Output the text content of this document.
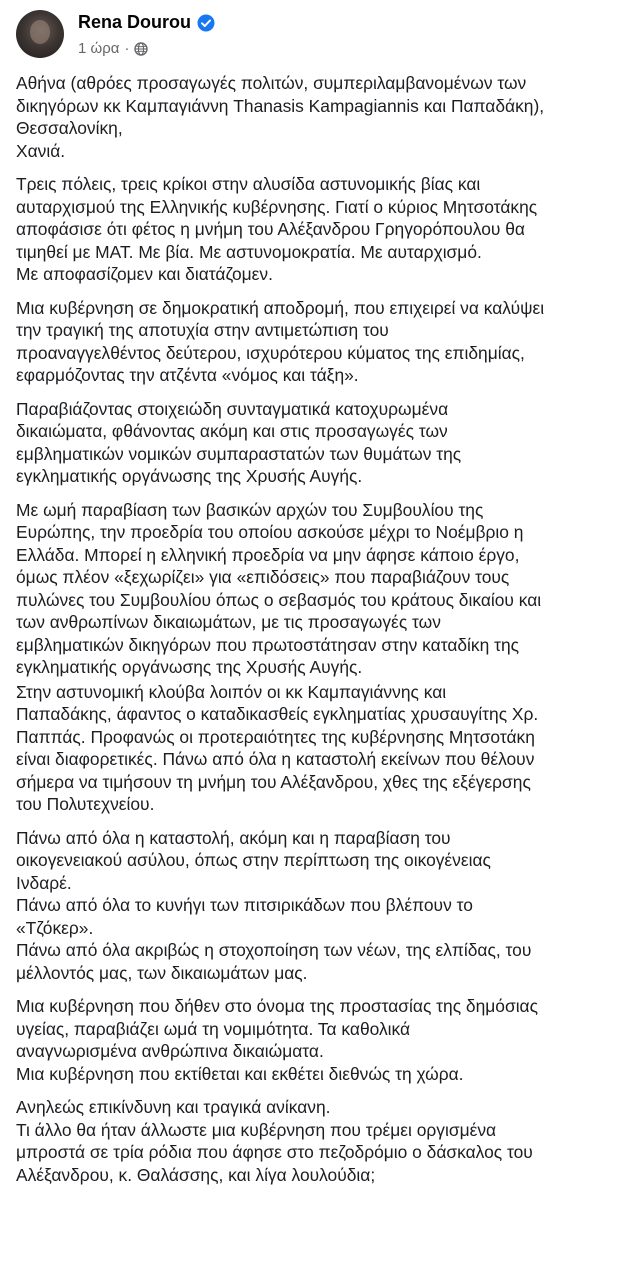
Rena Dourou
1 ώρα ·

Αθήνα (αθρόες προσαγωγές πολιτών, συμπεριλαμβανομένων των
δικηγόρων κκ Καμπαγιάννη Thanasis Kampagiannis και Παπαδάκη),
Θεσσαλονίκη,
Χανιά.

Τρεις πόλεις, τρεις κρίκοι στην αλυσίδα αστυνομικής βίας και
αυταρχισμού της Ελληνικής κυβέρνησης. Γιατί ο κύριος Μητσοτάκης
αποφάσισε ότι φέτος η μνήμη του Αλέξανδρου Γρηγορόπουλου θα
τιμηθεί με ΜΑΤ. Με βία. Με αστυνομοκρατία. Με αυταρχισμό.
Με αποφασίζομεν και διατάζομεν.

Μια κυβέρνηση σε δημοκρατική αποδρομή, που επιχειρεί να καλύψει
την τραγική της αποτυχία στην αντιμετώπιση του
προαναγγελθέντος δεύτερου, ισχυρότερου κύματος της επιδημίας,
εφαρμόζοντας την ατζέντα «νόμος και τάξη».

Παραβιάζοντας στοιχειώδη συνταγματικά κατοχυρωμένα
δικαιώματα, φθάνοντας ακόμη και στις προσαγωγές των
εμβληματικών νομικών συμπαραστατών των θυμάτων της
εγκληματικής οργάνωσης της Χρυσής Αυγής.

Με ωμή παραβίαση των βασικών αρχών του Συμβουλίου της
Ευρώπης, την προεδρία του οποίου ασκούσε μέχρι το Νοέμβριο η
Ελλάδα. Μπορεί η ελληνική προεδρία να μην άφησε κάποιο έργο,
όμως πλέον «ξεχωρίζει» για «επιδόσεις» που παραβιάζουν τους
πυλώνες του Συμβουλίου όπως ο σεβασμός του κράτους δικαίου και
των ανθρωπίνων δικαιωμάτων, με τις προσαγωγές των
εμβληματικών δικηγόρων που πρωτοστάτησαν στην καταδίκη της
εγκληματικής οργάνωσης της Χρυσής Αυγής.

Στην αστυνομική κλούβα λοιπόν οι κκ Καμπαγιάννης και
Παπαδάκης, άφαντος ο καταδικασθείς εγκληματίας χρυσαυγίτης Χρ.
Παππάς. Προφανώς οι προτεραιότητες της κυβέρνησης Μητσοτάκη
είναι διαφορετικές. Πάνω από όλα η καταστολή εκείνων που θέλουν
σήμερα να τιμήσουν τη μνήμη του Αλέξανδρου, χθες της εξέγερσης
του Πολυτεχνείου.

Πάνω από όλα η καταστολή, ακόμη και η παραβίαση του
οικογενειακού ασύλου, όπως στην περίπτωση της οικογένειας
Ινδαρέ.
Πάνω από όλα το κυνήγι των πιτσιρικάδων που βλέπουν το
«Τζόκερ».
Πάνω από όλα ακριβώς η στοχοποίηση των νέων, της ελπίδας, του
μέλλοντός μας, των δικαιωμάτων μας.

Μια κυβέρνηση που δήθεν στο όνομα της προστασίας της δημόσιας
υγείας, παραβιάζει ωμά τη νομιμότητα. Τα καθολικά
αναγνωρισμένα ανθρώπινα δικαιώματα.
Μια κυβέρνηση που εκτίθεται και εκθέτει διεθνώς τη χώρα.

Ανηλεώς επικίνδυνη και τραγικά ανίκανη.
Τι άλλο θα ήταν άλλωστε μια κυβέρνηση που τρέμει οργισμένα
μπροστά σε τρία ρόδια που άφησε στο πεζοδρόμιο ο δάσκαλος του
Αλέξανδρου, κ. Θαλάσσης, και λίγα λουλούδια;
